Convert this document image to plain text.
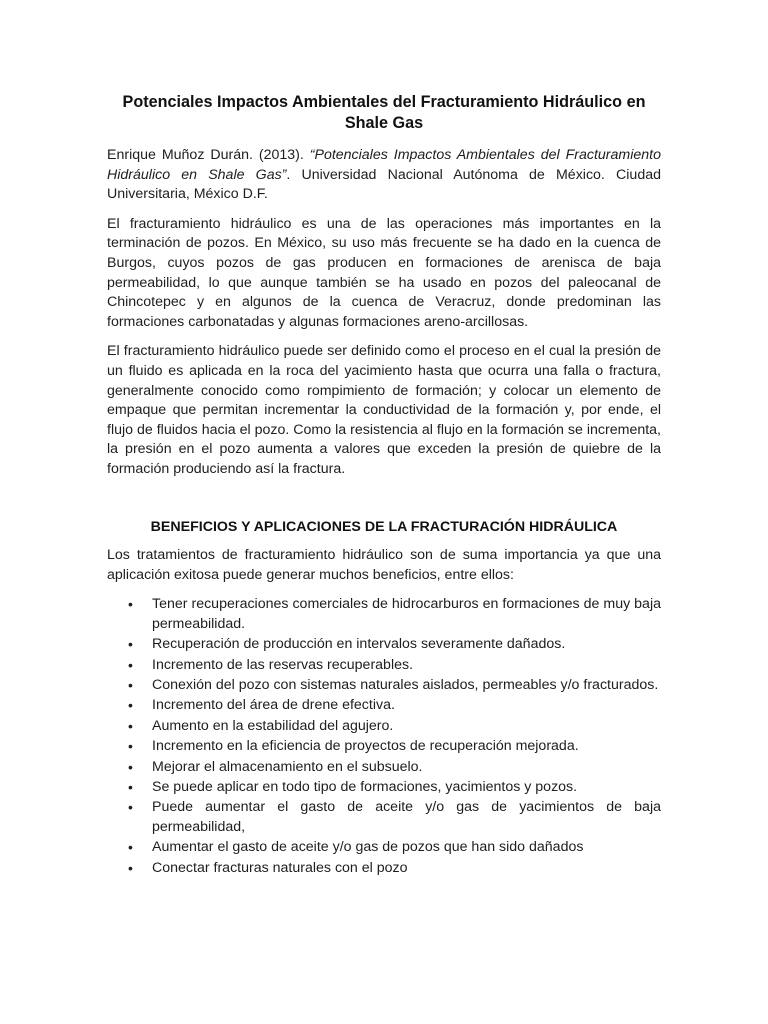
Potenciales Impactos Ambientales del Fracturamiento Hidráulico en Shale Gas

Enrique Muñoz Durán. (2013). “Potenciales Impactos Ambientales del Fracturamiento Hidráulico en Shale Gas”. Universidad Nacional Autónoma de México. Ciudad Universitaria, México D.F.

El fracturamiento hidráulico es una de las operaciones más importantes en la terminación de pozos. En México, su uso más frecuente se ha dado en la cuenca de Burgos, cuyos pozos de gas producen en formaciones de arenisca de baja permeabilidad, lo que aunque también se ha usado en pozos del paleocanal de Chincotepec y en algunos de la cuenca de Veracruz, donde predominan las formaciones carbonatadas y algunas formaciones areno-arcillosas.

El fracturamiento hidráulico puede ser definido como el proceso en el cual la presión de un fluido es aplicada en la roca del yacimiento hasta que ocurra una falla o fractura, generalmente conocido como rompimiento de formación; y colocar un elemento de empaque que permitan incrementar la conductividad de la formación y, por ende, el flujo de fluidos hacia el pozo. Como la resistencia al flujo en la formación se incrementa, la presión en el pozo aumenta a valores que exceden la presión de quiebre de la formación produciendo así la fractura.

BENEFICIOS Y APLICACIONES DE LA FRACTURACIÓN HIDRÁULICA

Los tratamientos de fracturamiento hidráulico son de suma importancia ya que una aplicación exitosa puede generar muchos beneficios, entre ellos:

• Tener recuperaciones comerciales de hidrocarburos en formaciones de muy baja permeabilidad.
• Recuperación de producción en intervalos severamente dañados.
• Incremento de las reservas recuperables.
• Conexión del pozo con sistemas naturales aislados, permeables y/o fracturados.
• Incremento del área de drene efectiva.
• Aumento en la estabilidad del agujero.
• Incremento en la eficiencia de proyectos de recuperación mejorada.
• Mejorar el almacenamiento en el subsuelo.
• Se puede aplicar en todo tipo de formaciones, yacimientos y pozos.
• Puede aumentar el gasto de aceite y/o gas de yacimientos de baja permeabilidad,
• Aumentar el gasto de aceite y/o gas de pozos que han sido dañados
• Conectar fracturas naturales con el pozo
